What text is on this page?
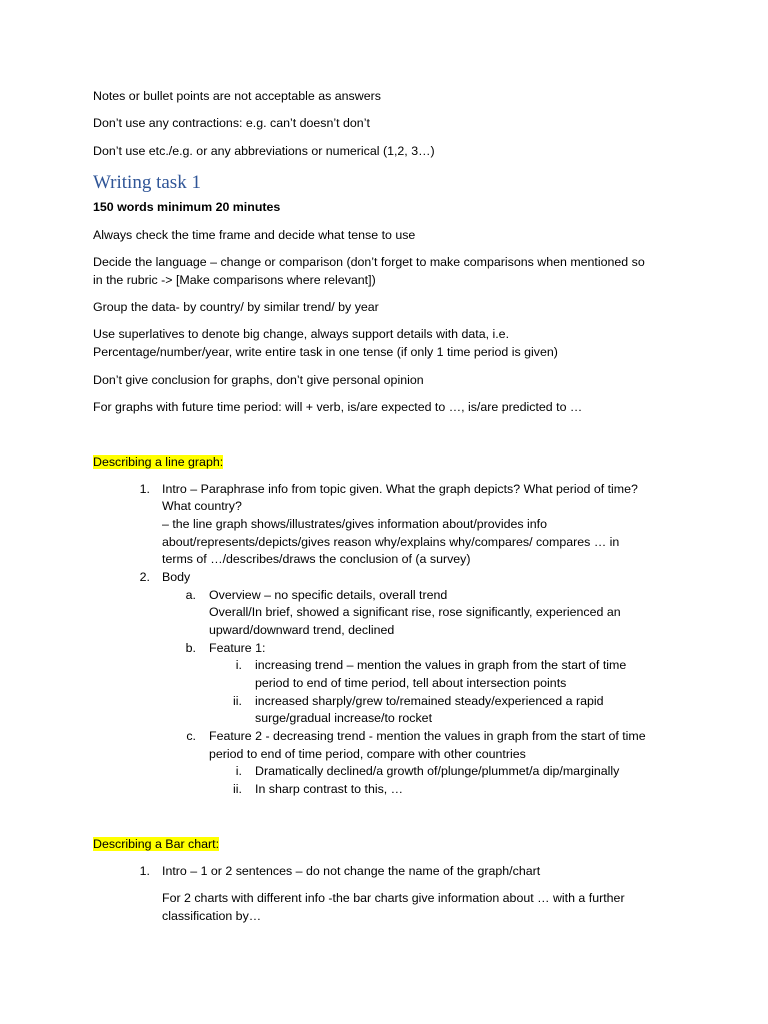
Notes or bullet points are not acceptable as answers
Don’t use any contractions: e.g. can’t doesn’t don’t
Don’t use etc./e.g. or any abbreviations or numerical (1,2, 3…)
Writing task 1
150 words minimum 20 minutes
Always check the time frame and decide what tense to use
Decide the language – change or comparison (don’t forget to make comparisons when mentioned so
in the rubric -> [Make comparisons where relevant])
Group the data- by country/ by similar trend/ by year
Use superlatives to denote big change, always support details with data, i.e.
Percentage/number/year, write entire task in one tense (if only 1 time period is given)
Don’t give conclusion for graphs, don’t give personal opinion
For graphs with future time period: will + verb, is/are expected to …, is/are predicted to …
Describing a line graph:
1. Intro – Paraphrase info from topic given. What the graph depicts? What period of time?
What country?
– the line graph shows/illustrates/gives information about/provides info
about/represents/depicts/gives reason why/explains why/compares/ compares … in
terms of …/describes/draws the conclusion of (a survey)
2. Body
a. Overview – no specific details, overall trend
Overall/In brief, showed a significant rise, rose significantly, experienced an
upward/downward trend, declined
b. Feature 1:
i. increasing trend – mention the values in graph from the start of time
period to end of time period, tell about intersection points
ii. increased sharply/grew to/remained steady/experienced a rapid
surge/gradual increase/to rocket
c. Feature 2 - decreasing trend - mention the values in graph from the start of time
period to end of time period, compare with other countries
i. Dramatically declined/a growth of/plunge/plummet/a dip/marginally
ii. In sharp contrast to this, …
Describing a Bar chart:
1. Intro – 1 or 2 sentences – do not change the name of the graph/chart
For 2 charts with different info -the bar charts give information about … with a further
classification by…
